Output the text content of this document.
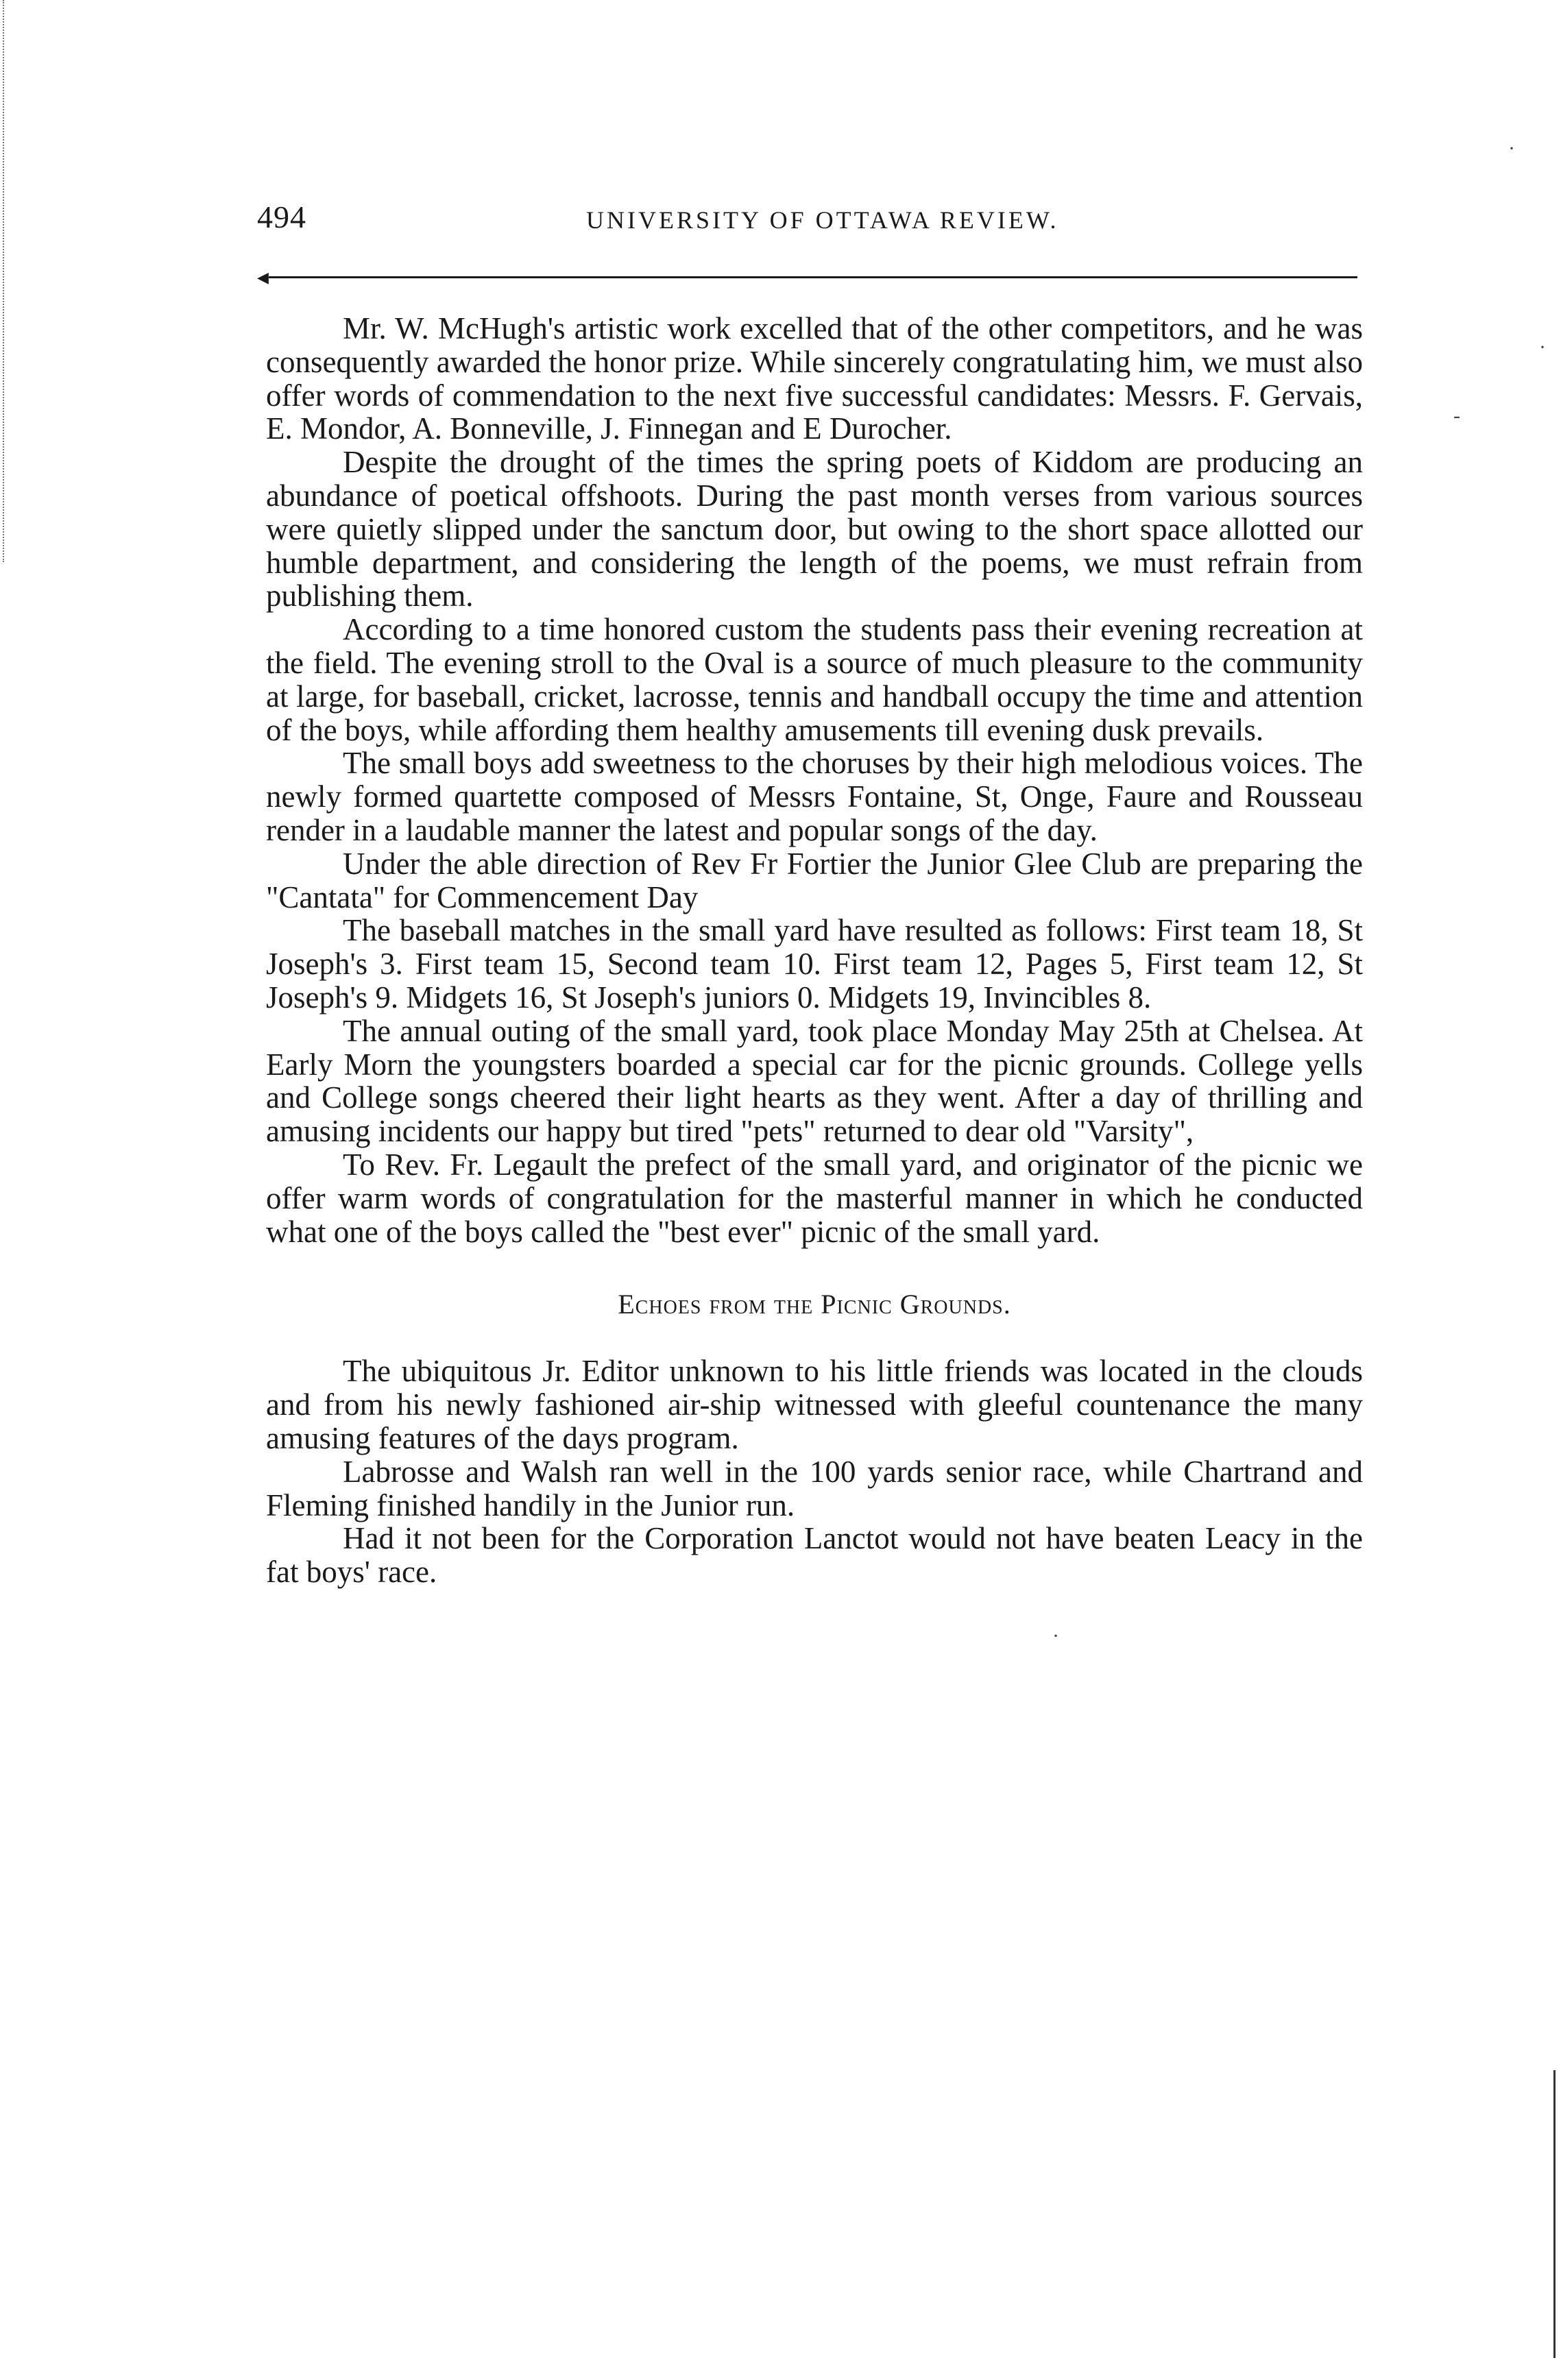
494	UNIVERSITY OF OTTAWA REVIEW.
◀

Mr. W. McHugh's artistic work excelled that of the other competitors, and he was consequently awarded the honor prize. While sincerely congratulating him, we must also offer words of commendation to the next five successful candidates: Messrs. F. Gervais, E. Mondor, A. Bonneville, J. Finnegan and E Durocher.

Despite the drought of the times the spring poets of Kiddom are producing an abundance of poetical offshoots. During the past month verses from various sources were quietly slipped under the sanctum door, but owing to the short space allotted our humble department, and considering the length of the poems, we must refrain from publishing them.

According to a time honored custom the students pass their evening recreation at the field. The evening stroll to the Oval is a source of much pleasure to the community at large, for baseball, cricket, lacrosse, tennis and handball occupy the time and attention of the boys, while affording them healthy amusements till evening dusk prevails.

The small boys add sweetness to the choruses by their high melodious voices. The newly formed quartette composed of Messrs Fontaine, St, Onge, Faure and Rousseau render in a laudable manner the latest and popular songs of the day.

Under the able direction of Rev Fr Fortier the Junior Glee Club are preparing the "Cantata" for Commencement Day

The baseball matches in the small yard have resulted as follows: First team 18, St Joseph's 3. First team 15, Second team 10. First team 12, Pages 5, First team 12, St Joseph's 9. Midgets 16, St Joseph's juniors 0. Midgets 19, Invincibles 8.

The annual outing of the small yard, took place Monday May 25th at Chelsea. At Early Morn the youngsters boarded a special car for the picnic grounds. College yells and College songs cheered their light hearts as they went. After a day of thrilling and amusing incidents our happy but tired "pets" returned to dear old "Varsity",

To Rev. Fr. Legault the prefect of the small yard, and originator of the picnic we offer warm words of congratulation for the masterful manner in which he conducted what one of the boys called the "best ever" picnic of the small yard.

Echoes from the Picnic Grounds.

The ubiquitous Jr. Editor unknown to his little friends was located in the clouds and from his newly fashioned air-ship witnessed with gleeful countenance the many amusing features of the days program.

Labrosse and Walsh ran well in the 100 yards senior race, while Chartrand and Fleming finished handily in the Junior run.

Had it not been for the Corporation Lanctot would not have beaten Leacy in the fat boys' race.

·
·
-
·
